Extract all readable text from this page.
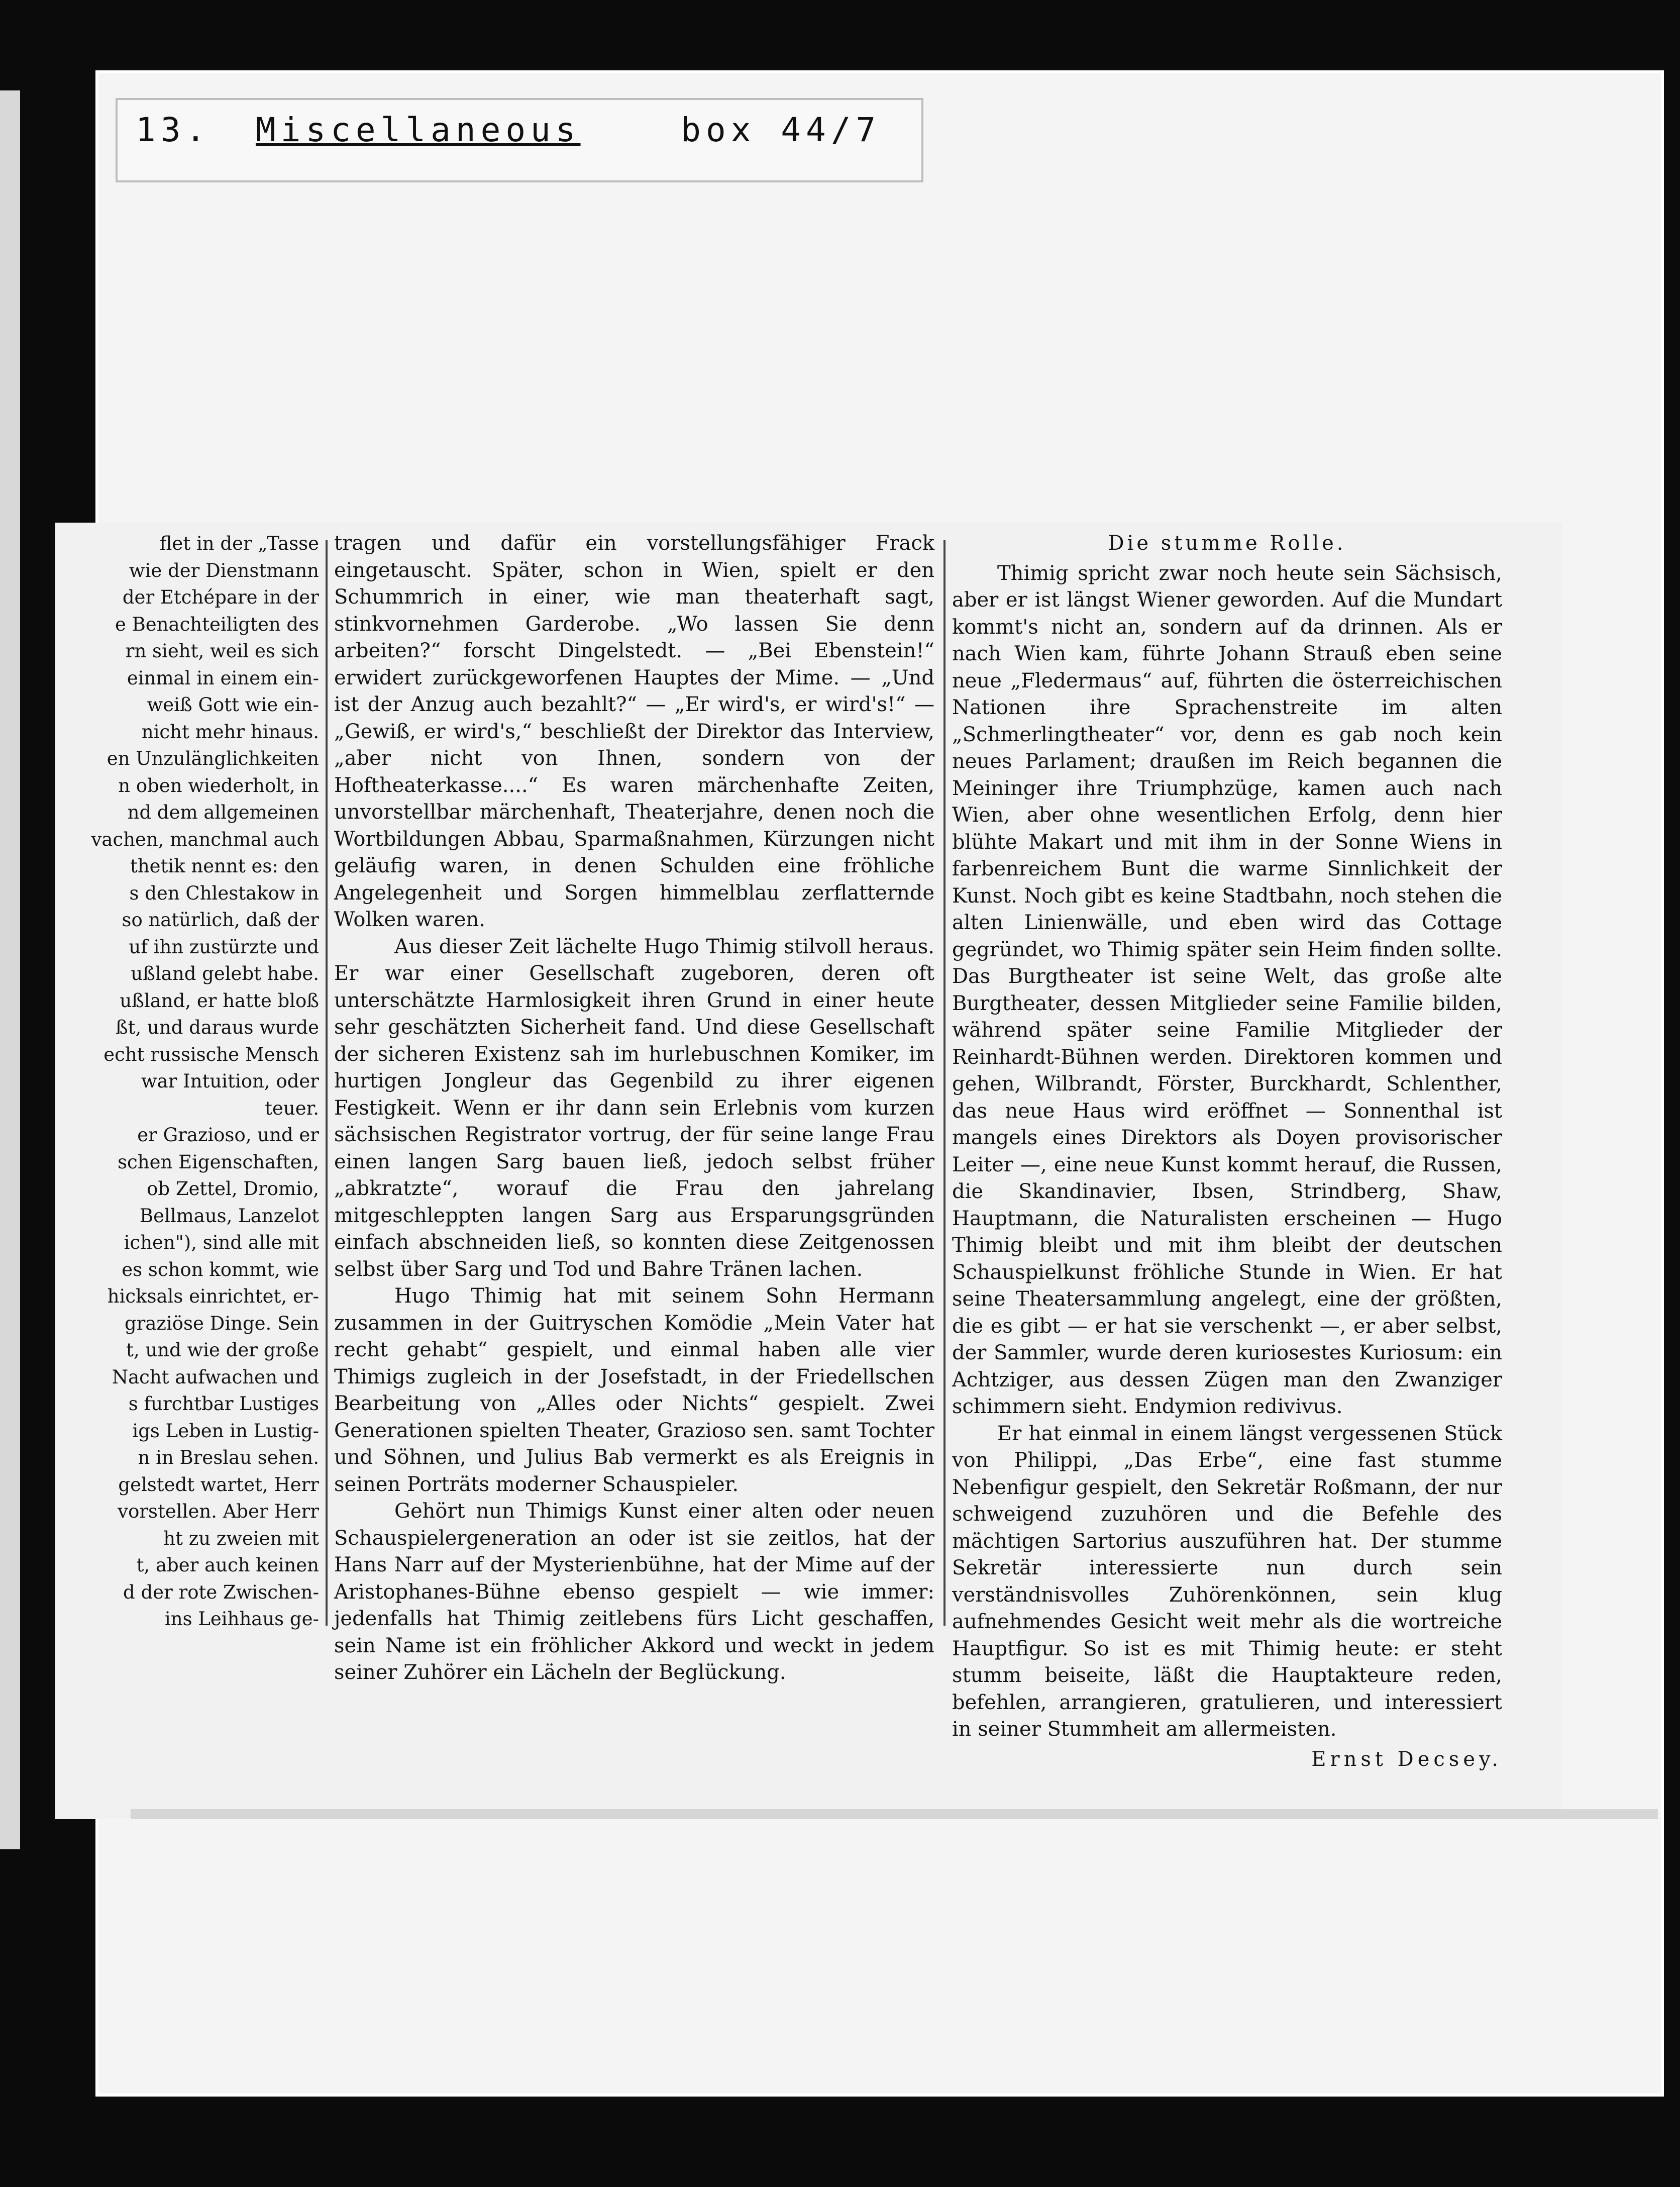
13. Miscellaneous	box 44/7

flet in der „Tasse

wie der Dienstmann

der Etchépare in der

e Benachteiligten des

rn sieht, weil es sich

einmal in einem ein-

weiß Gott wie ein-

nicht mehr hinaus.

en Unzulänglichkeiten

n oben wiederholt, in

nd dem allgemeinen

vachen, manchmal auch

thetik nennt es: den

s den Chlestakow in

so natürlich, daß der

uf ihn zustürzte und

ußland gelebt habe.

ußland, er hatte bloß

ßt, und daraus wurde

echt russische Mensch

war Intuition, oder

teuer.

er Grazioso, und er

schen Eigenschaften,

ob Zettel, Dromio,

Bellmaus, Lanzelot

ichen"), sind alle mit

es schon kommt, wie

hicksals einrichtet, er-

graziöse Dinge. Sein

t, und wie der große

Nacht aufwachen und

s furchtbar Lustiges

igs Leben in Lustig-

n in Breslau sehen.

gelstedt wartet, Herr

vorstellen. Aber Herr

ht zu zweien mit

t, aber auch keinen

d der rote Zwischen-

ins Leihhaus ge-

tragen und dafür ein vorstellungsfähiger Frack eingetauscht. Später, schon in Wien, spielt er den Schummrich in einer, wie man theaterhaft sagt, stinkvornehmen Garderobe. „Wo lassen Sie denn arbeiten?“ forscht Dingelstedt. — „Bei Ebenstein!“ erwidert zurückgeworfenen Hauptes der Mime. — „Und ist der Anzug auch bezahlt?“ — „Er wird's, er wird's!“ — „Gewiß, er wird's,“ beschließt der Direktor das Interview, „aber nicht von Ihnen, sondern von der Hoftheaterkasse....“ Es waren märchenhafte Zeiten, unvorstellbar märchenhaft, Theaterjahre, denen noch die Wortbildungen Abbau, Sparmaßnahmen, Kürzungen nicht geläufig waren, in denen Schulden eine fröhliche Angelegenheit und Sorgen himmelblau zerflatternde Wolken waren.

Aus dieser Zeit lächelte Hugo Thimig stilvoll heraus. Er war einer Gesellschaft zugeboren, deren oft unterschätzte Harmlosigkeit ihren Grund in einer heute sehr geschätzten Sicherheit fand. Und diese Gesellschaft der sicheren Existenz sah im hurlebuschnen Komiker, im hurtigen Jongleur das Gegenbild zu ihrer eigenen Festigkeit. Wenn er ihr dann sein Erlebnis vom kurzen sächsischen Registrator vortrug, der für seine lange Frau einen langen Sarg bauen ließ, jedoch selbst früher „abkratzte“, worauf die Frau den jahrelang mitgeschleppten langen Sarg aus Ersparungsgründen einfach abschneiden ließ, so konnten diese Zeitgenossen selbst über Sarg und Tod und Bahre Tränen lachen.

Hugo Thimig hat mit seinem Sohn Hermann zusammen in der Guitryschen Komödie „Mein Vater hat recht gehabt“ gespielt, und einmal haben alle vier Thimigs zugleich in der Josefstadt, in der Friedellschen Bearbeitung von „Alles oder Nichts“ gespielt. Zwei Generationen spielten Theater, Grazioso sen. samt Tochter und Söhnen, und Julius Bab vermerkt es als Ereignis in seinen Porträts moderner Schauspieler.

Gehört nun Thimigs Kunst einer alten oder neuen Schauspielergeneration an oder ist sie zeitlos, hat der Hans Narr auf der Mysterienbühne, hat der Mime auf der Aristophanes-Bühne ebenso gespielt — wie immer: jedenfalls hat Thimig zeitlebens fürs Licht geschaffen, sein Name ist ein fröhlicher Akkord und weckt in jedem seiner Zuhörer ein Lächeln der Beglückung.

Die stumme Rolle.

Thimig spricht zwar noch heute sein Sächsisch, aber er ist längst Wiener geworden. Auf die Mundart kommt's nicht an, sondern auf da drinnen. Als er nach Wien kam, führte Johann Strauß eben seine neue „Fledermaus“ auf, führten die österreichischen Nationen ihre Sprachenstreite im alten „Schmerlingtheater“ vor, denn es gab noch kein neues Parlament; draußen im Reich begannen die Meininger ihre Triumphzüge, kamen auch nach Wien, aber ohne wesentlichen Erfolg, denn hier blühte Makart und mit ihm in der Sonne Wiens in farbenreichem Bunt die warme Sinnlichkeit der Kunst. Noch gibt es keine Stadtbahn, noch stehen die alten Linienwälle, und eben wird das Cottage gegründet, wo Thimig später sein Heim finden sollte. Das Burgtheater ist seine Welt, das große alte Burgtheater, dessen Mitglieder seine Familie bilden, während später seine Familie Mitglieder der Reinhardt-Bühnen werden. Direktoren kommen und gehen, Wilbrandt, Förster, Burckhardt, Schlenther, das neue Haus wird eröffnet — Sonnenthal ist mangels eines Direktors als Doyen provisorischer Leiter —, eine neue Kunst kommt herauf, die Russen, die Skandinavier, Ibsen, Strindberg, Shaw, Hauptmann, die Naturalisten erscheinen — Hugo Thimig bleibt und mit ihm bleibt der deutschen Schauspielkunst fröhliche Stunde in Wien. Er hat seine Theatersammlung angelegt, eine der größten, die es gibt — er hat sie verschenkt —, er aber selbst, der Sammler, wurde deren kuriosestes Kuriosum: ein Achtziger, aus dessen Zügen man den Zwanziger schimmern sieht. Endymion redivivus.

Er hat einmal in einem längst vergessenen Stück von Philippi, „Das Erbe“, eine fast stumme Nebenfigur gespielt, den Sekretär Roßmann, der nur schweigend zuzuhören und die Befehle des mächtigen Sartorius auszuführen hat. Der stumme Sekretär interessierte nun durch sein verständnisvolles Zuhörenkönnen, sein klug aufnehmendes Gesicht weit mehr als die wortreiche Hauptfigur. So ist es mit Thimig heute: er steht stumm beiseite, läßt die Hauptakteure reden, befehlen, arrangieren, gratulieren, und interessiert in seiner Stummheit am allermeisten.

Ernst Decsey.
